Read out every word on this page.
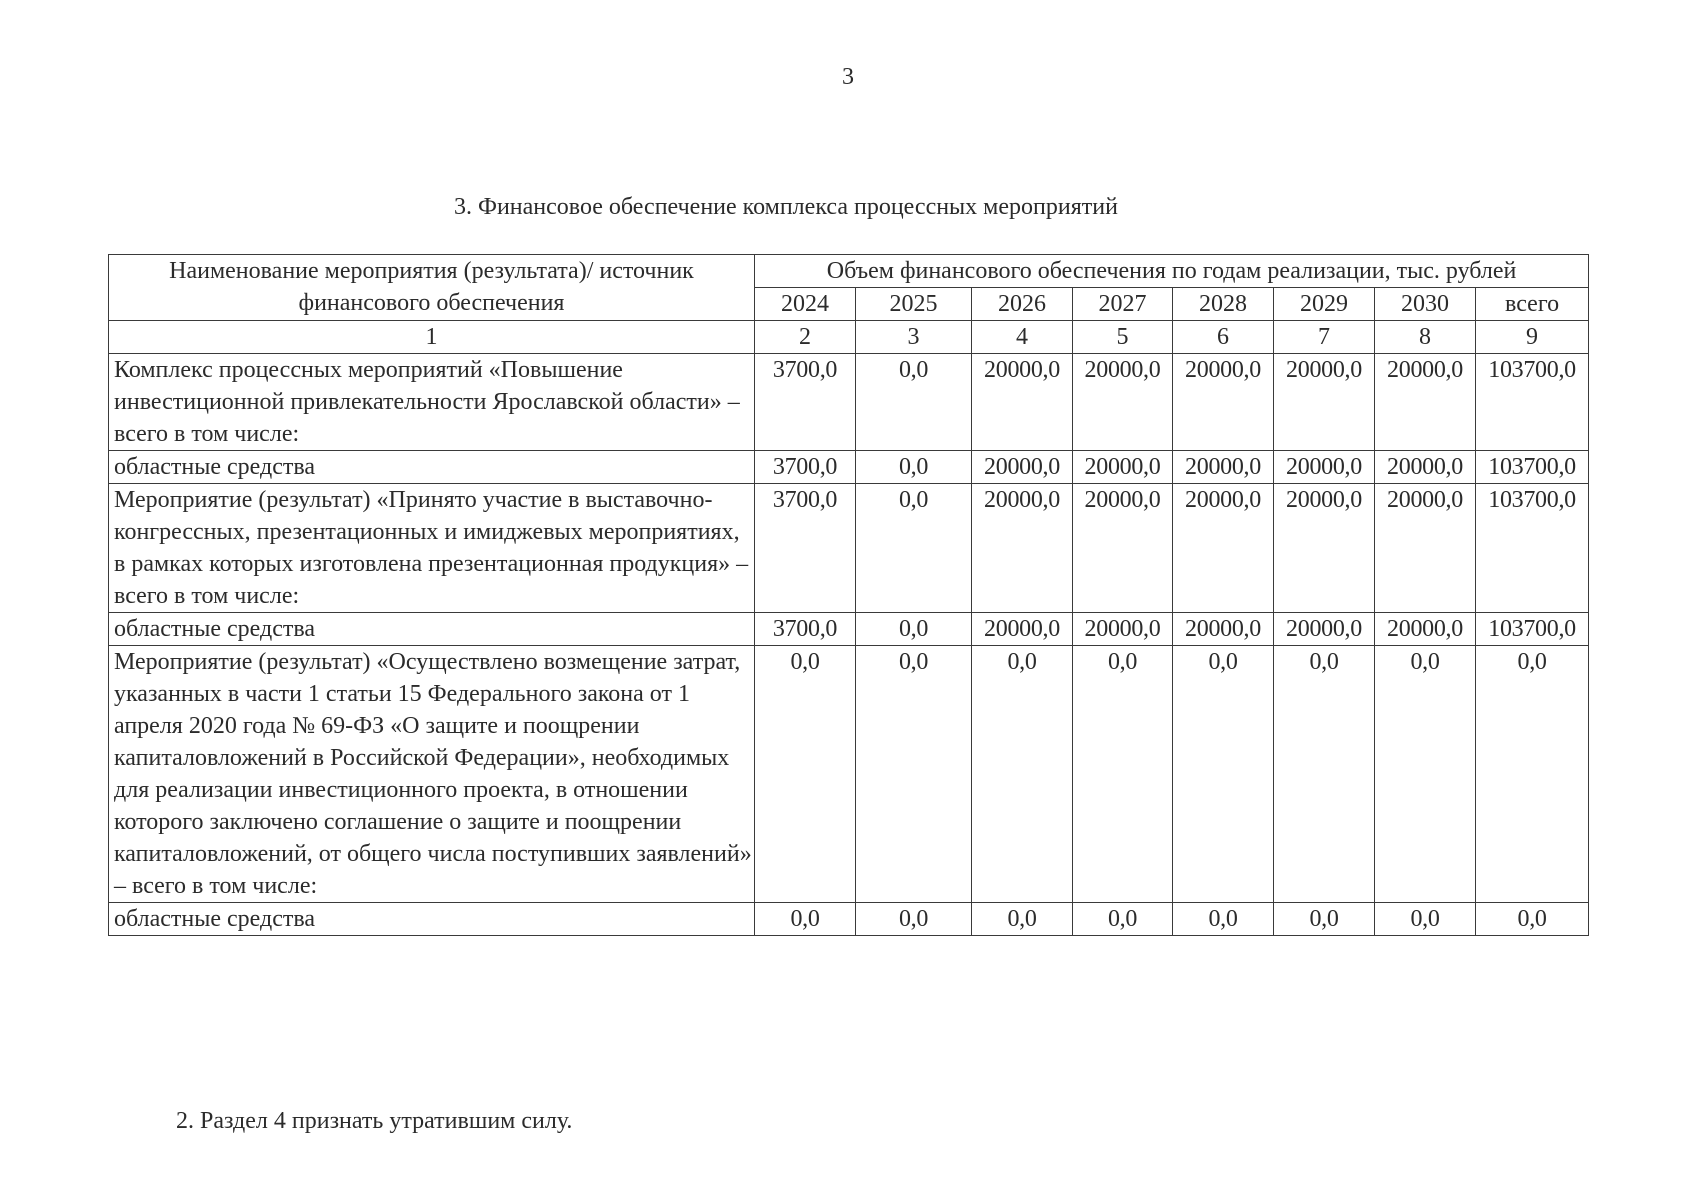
3
3. Финансовое обеспечение комплекса процессных мероприятий
Наименование мероприятия (результата)/ источник финансового обеспечения	Объем финансового обеспечения по годам реализации, тыс. рублей							
	2024	2025	2026	2027	2028	2029	2030	всего
1	2	3	4	5	6	7	8	9
Комплекс процессных мероприятий «Повышение инвестиционной привлекательности Ярославской области» – всего в том числе:	3700,0	0,0	20000,0	20000,0	20000,0	20000,0	20000,0	103700,0
областные средства	3700,0	0,0	20000,0	20000,0	20000,0	20000,0	20000,0	103700,0
Мероприятие (результат) «Принято участие в выставочно-конгрессных, презентационных и имиджевых мероприятиях, в рамках которых изготовлена презентационная продукция» – всего в том числе:	3700,0	0,0	20000,0	20000,0	20000,0	20000,0	20000,0	103700,0
областные средства	3700,0	0,0	20000,0	20000,0	20000,0	20000,0	20000,0	103700,0
Мероприятие (результат) «Осуществлено возмещение затрат, указанных в части 1 статьи 15 Федерального закона от 1 апреля 2020 года № 69-ФЗ «О защите и поощрении капиталовложений в Российской Федерации», необходимых для реализации инвестиционного проекта, в отношении которого заключено соглашение о защите и поощрении капиталовложений, от общего числа поступивших заявлений» – всего в том числе:	0,0	0,0	0,0	0,0	0,0	0,0	0,0	0,0
областные средства	0,0	0,0	0,0	0,0	0,0	0,0	0,0	0,0
2. Раздел 4 признать утратившим силу.
